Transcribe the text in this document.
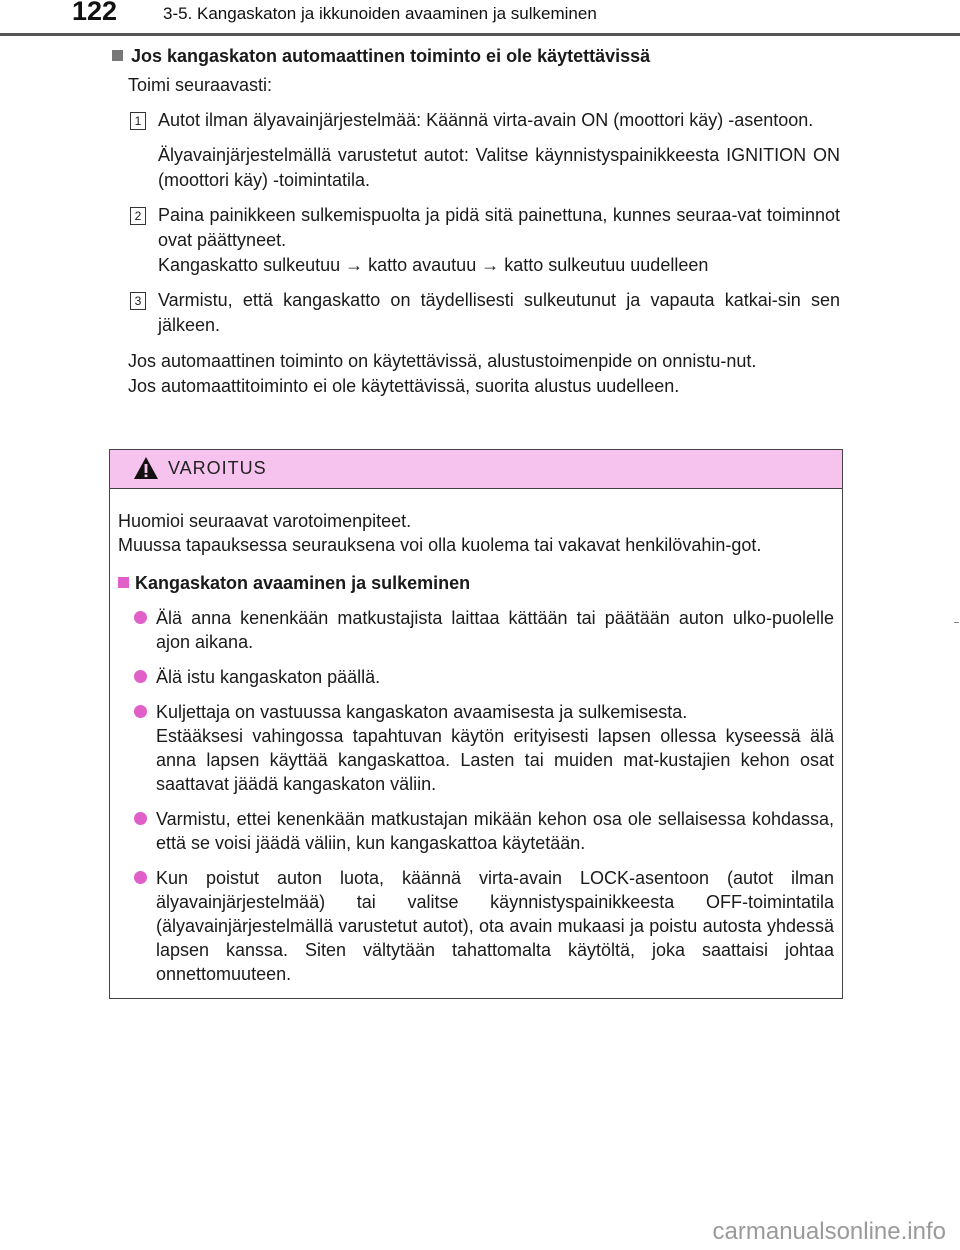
122	3-5. Kangaskaton ja ikkunoiden avaaminen ja sulkeminen
Jos kangaskaton automaattinen toiminto ei ole käytettävissä
Toimi seuraavasti:
1 Autot ilman älyavainjärjestelmää: Käännä virta-avain ON (moottori käy) -asentoon.

Älyavainjärjestelmällä varustetut autot: Valitse käynnistyspainikkeesta IGNITION ON (moottori käy) -toimintatila.

2 Paina painikkeen sulkemispuolta ja pidä sitä painettuna, kunnes seuraa-vat toiminnot ovat päättyneet.

Kangaskatto sulkeutuu → katto avautuu → katto sulkeutuu uudelleen

3 Varmistu, että kangaskatto on täydellisesti sulkeutunut ja vapauta katkai-sin sen jälkeen.

Jos automaattinen toiminto on käytettävissä, alustustoimenpide on onnistu-nut.

Jos automaattitoiminto ei ole käytettävissä, suorita alustus uudelleen.

VAROITUS

Huomioi seuraavat varotoimenpiteet.

Muussa tapauksessa seurauksena voi olla kuolema tai vakavat henkilövahin-got.

Kangaskaton avaaminen ja sulkeminen

Älä anna kenenkään matkustajista laittaa kättään tai päätään auton ulko-puolelle ajon aikana.

Älä istu kangaskaton päällä.

Kuljettaja on vastuussa kangaskaton avaamisesta ja sulkemisesta.

Estääksesi vahingossa tapahtuvan käytön erityisesti lapsen ollessa kyseessä älä anna lapsen käyttää kangaskattoa. Lasten tai muiden mat-kustajien kehon osat saattavat jäädä kangaskaton väliin.

Varmistu, ettei kenenkään matkustajan mikään kehon osa ole sellaisessa kohdassa, että se voisi jäädä väliin, kun kangaskattoa käytetään.

Kun poistut auton luota, käännä virta-avain LOCK-asentoon (autot ilman älyavainjärjestelmää) tai valitse käynnistyspainikkeesta OFF-toimintatila (älyavainjärjestelmällä varustetut autot), ota avain mukaasi ja poistu autosta yhdessä lapsen kanssa. Siten vältytään tahattomalta käytöltä, joka saattaisi johtaa onnettomuuteen.

carmanualsonline.info
